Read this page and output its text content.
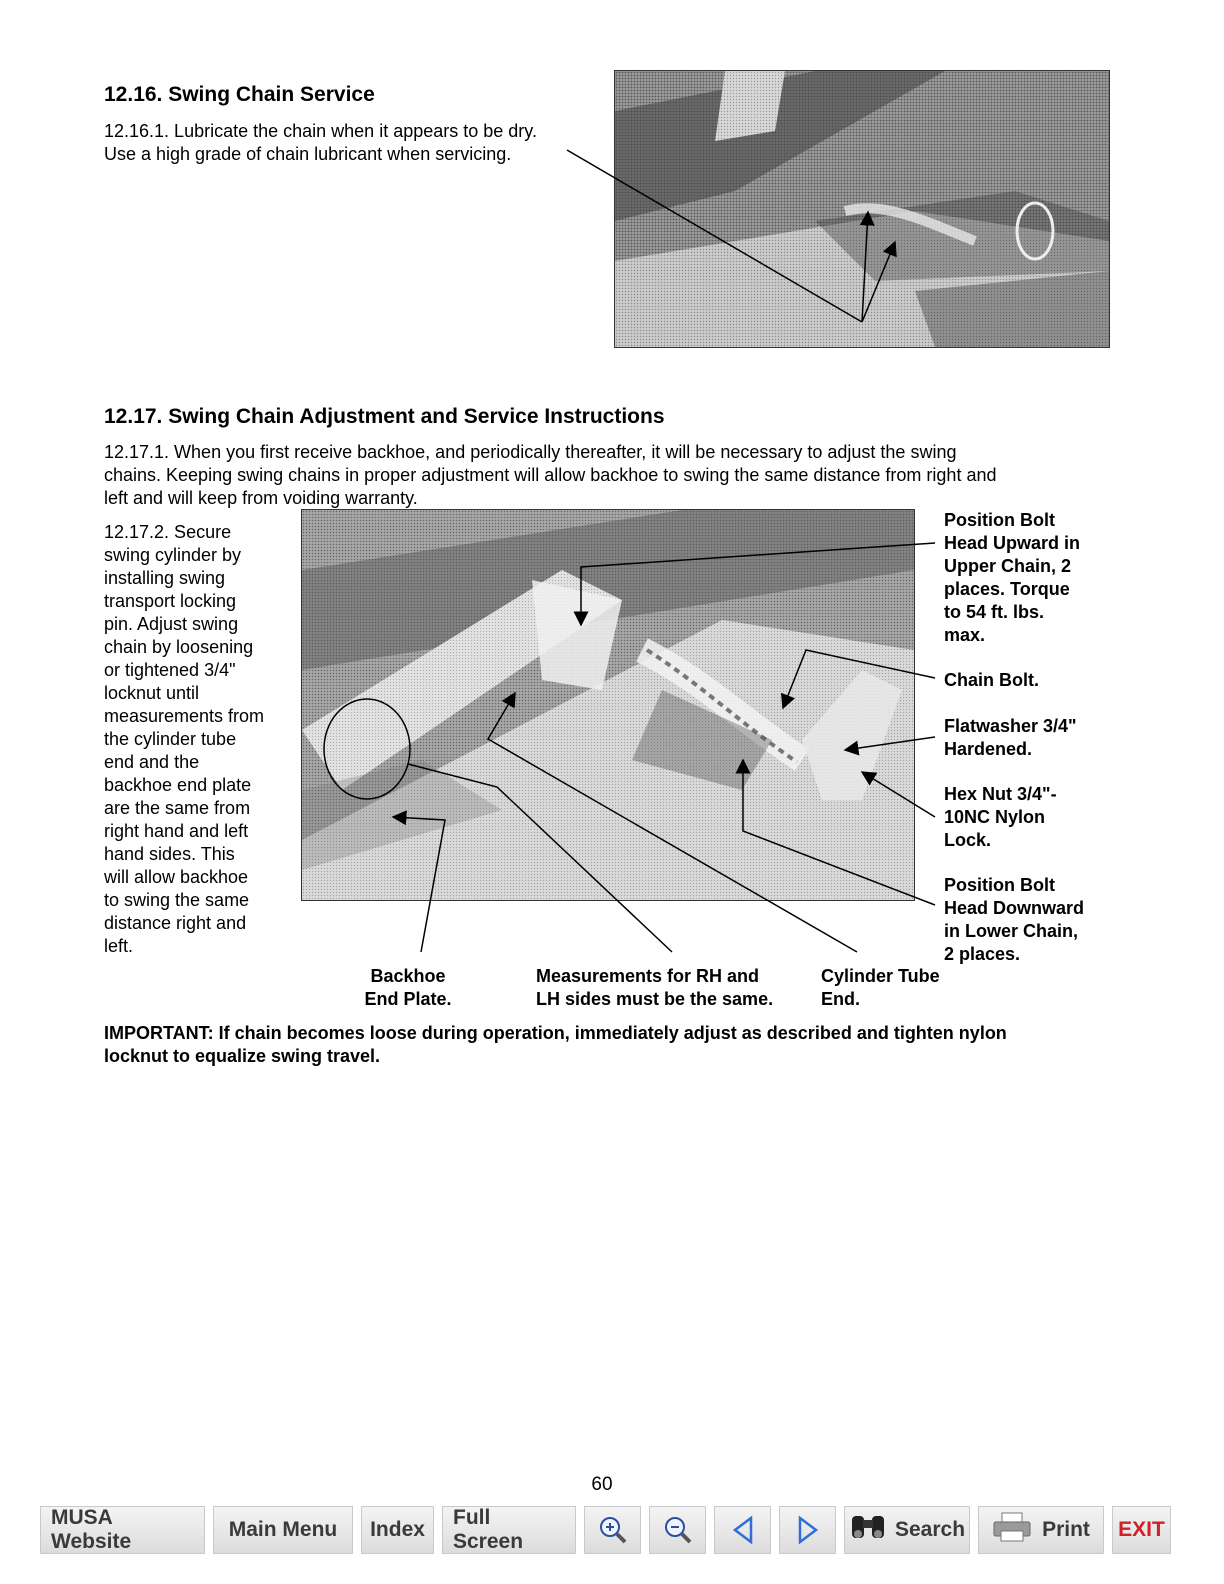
12.16. Swing Chain Service
12.16.1. Lubricate the chain when it appears to be dry.
Use a high grade of chain lubricant when servicing.
12.17. Swing Chain Adjustment and Service Instructions
12.17.1. When you first receive backhoe, and periodically thereafter, it will be necessary to adjust the swing
chains. Keeping swing chains in proper adjustment will allow backhoe to swing the same distance from right and
left and will keep from voiding warranty.
12.17.2. Secure
swing cylinder by
installing swing
transport locking
pin. Adjust swing
chain by loosening
or tightened 3/4"
locknut until
measurements from
the cylinder tube
end and the
backhoe end plate
are the same from
right hand and left
hand sides. This
will allow backhoe
to swing the same
distance right and
left.
Position Bolt
Head Upward in
Upper Chain, 2
places. Torque
to 54 ft. lbs.
max.
Chain Bolt.
Flatwasher 3/4"
Hardened.
Hex Nut 3/4"-
10NC Nylon
Lock.
Position Bolt
Head Downward
in Lower Chain,
2 places.
Backhoe
End Plate.
Measurements for RH and
LH sides must be the same.
Cylinder Tube
End.
IMPORTANT: If chain becomes loose during operation, immediately adjust as described and tighten nylon
locknut to equalize swing travel.
60
MUSA Website
Main Menu Index
Full Screen
Search	Print EXIT
